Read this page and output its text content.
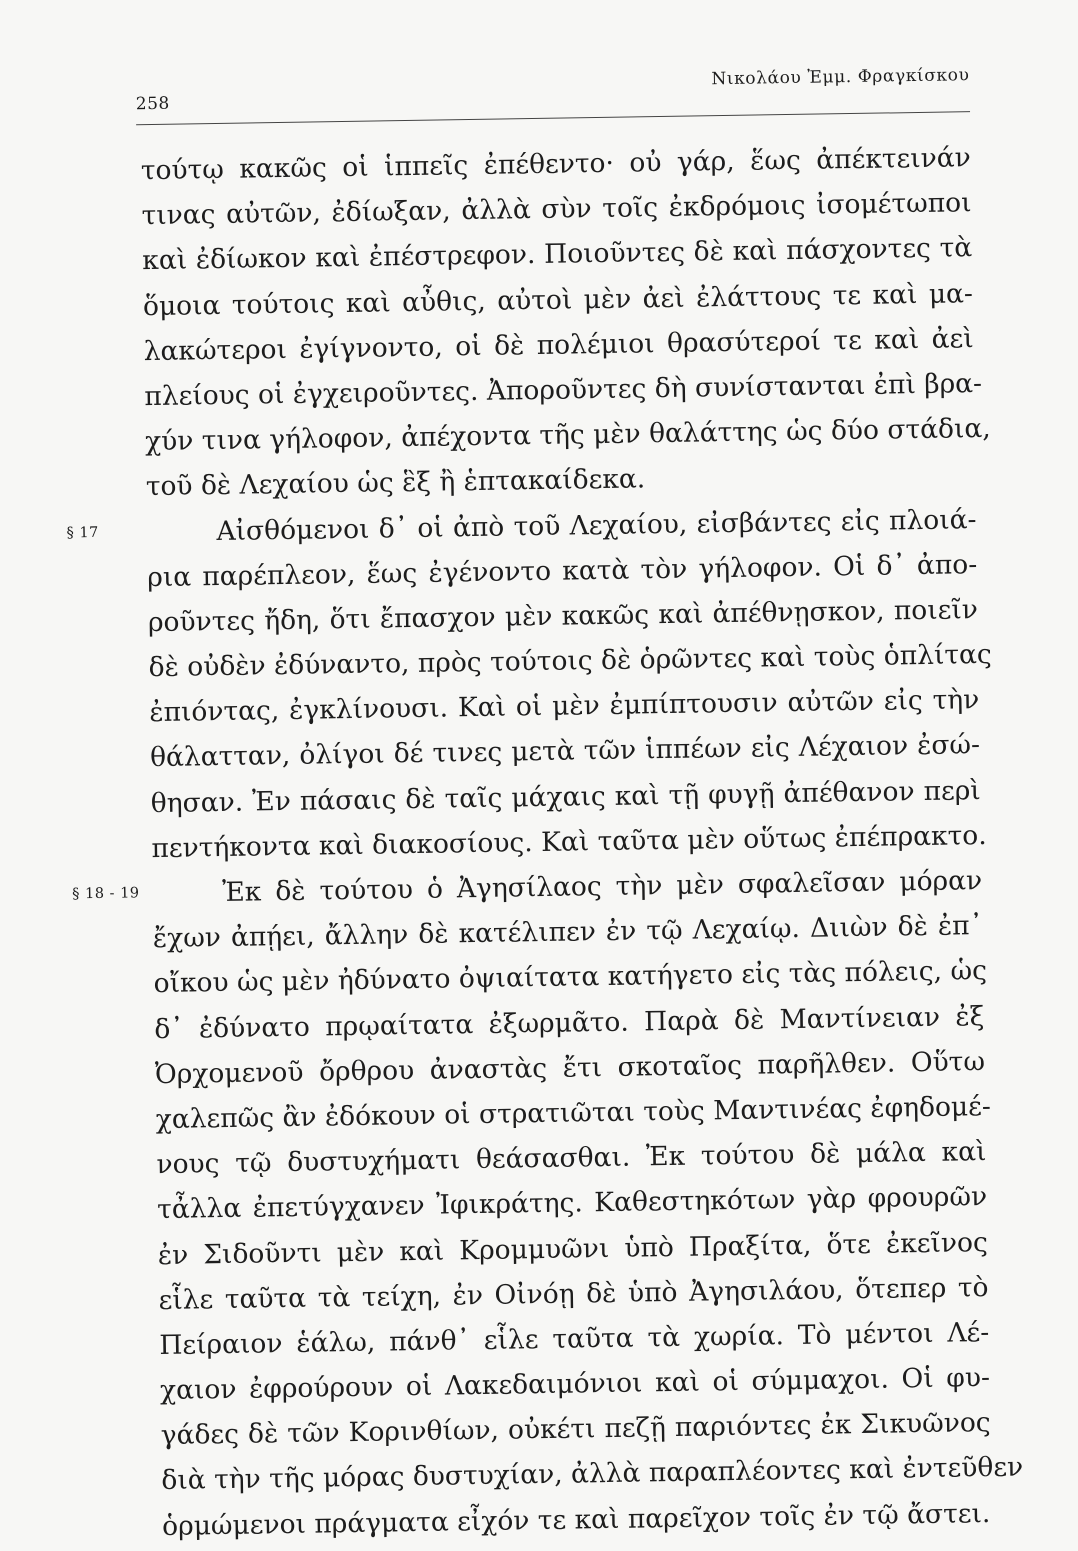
258
Νικολάου Ἐμμ. Φραγκίσκου
τούτῳ κακῶς οἱ ἱππεῖς ἐπέθεντο· οὐ γάρ, ἕως ἀπέκτεινάν
τινας αὐτῶν, ἐδίωξαν, ἀλλὰ σὺν τοῖς ἐκδρόμοις ἰσομέτωποι
καὶ ἐδίωκον καὶ ἐπέστρεφον. Ποιοῦντες δὲ καὶ πάσχοντες τὰ
ὅμοια τούτοις καὶ αὖθις, αὐτοὶ μὲν ἀεὶ ἐλάττους τε καὶ μα-
λακώτεροι ἐγίγνοντο, οἱ δὲ πολέμιοι θρασύτεροί τε καὶ ἀεὶ
πλείους οἱ ἐγχειροῦντες. Ἀποροῦντες δὴ συνίστανται ἐπὶ βρα-
χύν τινα γήλοφον, ἀπέχοντα τῆς μὲν θαλάττης ὡς δύο στάδια,
τοῦ δὲ Λεχαίου ὡς ἓξ ἢ ἑπτακαίδεκα.
§ 17	Αἰσθόμενοι δ᾽ οἱ ἀπὸ τοῦ Λεχαίου, εἰσβάντες εἰς πλοιά-
ρια παρέπλεον, ἕως ἐγένοντο κατὰ τὸν γήλοφον. Οἱ δ᾽ ἀπο-
ροῦντες ἤδη, ὅτι ἔπασχον μὲν κακῶς καὶ ἀπέθνῃσκον, ποιεῖν
δὲ οὐδὲν ἐδύναντο, πρὸς τούτοις δὲ ὁρῶντες καὶ τοὺς ὁπλίτας
ἐπιόντας, ἐγκλίνουσι. Καὶ οἱ μὲν ἐμπίπτουσιν αὐτῶν εἰς τὴν
θάλατταν, ὀλίγοι δέ τινες μετὰ τῶν ἱππέων εἰς Λέχαιον ἐσώ-
θησαν. Ἐν πάσαις δὲ ταῖς μάχαις καὶ τῇ φυγῇ ἀπέθανον περὶ
πεντήκοντα καὶ διακοσίους. Καὶ ταῦτα μὲν οὕτως ἐπέπρακτο.
§ 18 - 19	Ἐκ δὲ τούτου ὁ Ἀγησίλαος τὴν μὲν σφαλεῖσαν μόραν
ἔχων ἀπῄει, ἄλλην δὲ κατέλιπεν ἐν τῷ Λεχαίῳ. Διιὼν δὲ ἐπ᾽
οἴκου ὡς μὲν ἠδύνατο ὀψιαίτατα κατήγετο εἰς τὰς πόλεις, ὡς
δ᾽ ἐδύνατο πρῳαίτατα ἐξωρμᾶτο. Παρὰ δὲ Μαντίνειαν ἐξ
Ὀρχομενοῦ ὄρθρου ἀναστὰς ἔτι σκοταῖος παρῆλθεν. Οὕτω
χαλεπῶς ἂν ἐδόκουν οἱ στρατιῶται τοὺς Μαντινέας ἐφηδομέ-
νους τῷ δυστυχήματι θεάσασθαι. Ἐκ τούτου δὲ μάλα καὶ
τἆλλα ἐπετύγχανεν Ἰφικράτης. Καθεστηκότων γὰρ φρουρῶν
ἐν Σιδοῦντι μὲν καὶ Κρομμυῶνι ὑπὸ Πραξίτα, ὅτε ἐκεῖνος
εἷλε ταῦτα τὰ τείχη, ἐν Οἰνόῃ δὲ ὑπὸ Ἀγησιλάου, ὅτεπερ τὸ
Πείραιον ἑάλω, πάνθ᾽ εἷλε ταῦτα τὰ χωρία. Τὸ μέντοι Λέ-
χαιον ἐφρούρουν οἱ Λακεδαιμόνιοι καὶ οἱ σύμμαχοι. Οἱ φυ-
γάδες δὲ τῶν Κορινθίων, οὐκέτι πεζῇ παριόντες ἐκ Σικυῶνος
διὰ τὴν τῆς μόρας δυστυχίαν, ἀλλὰ παραπλέοντες καὶ ἐντεῦθεν
ὁρμώμενοι πράγματα εἶχόν τε καὶ παρεῖχον τοῖς ἐν τῷ ἄστει.
